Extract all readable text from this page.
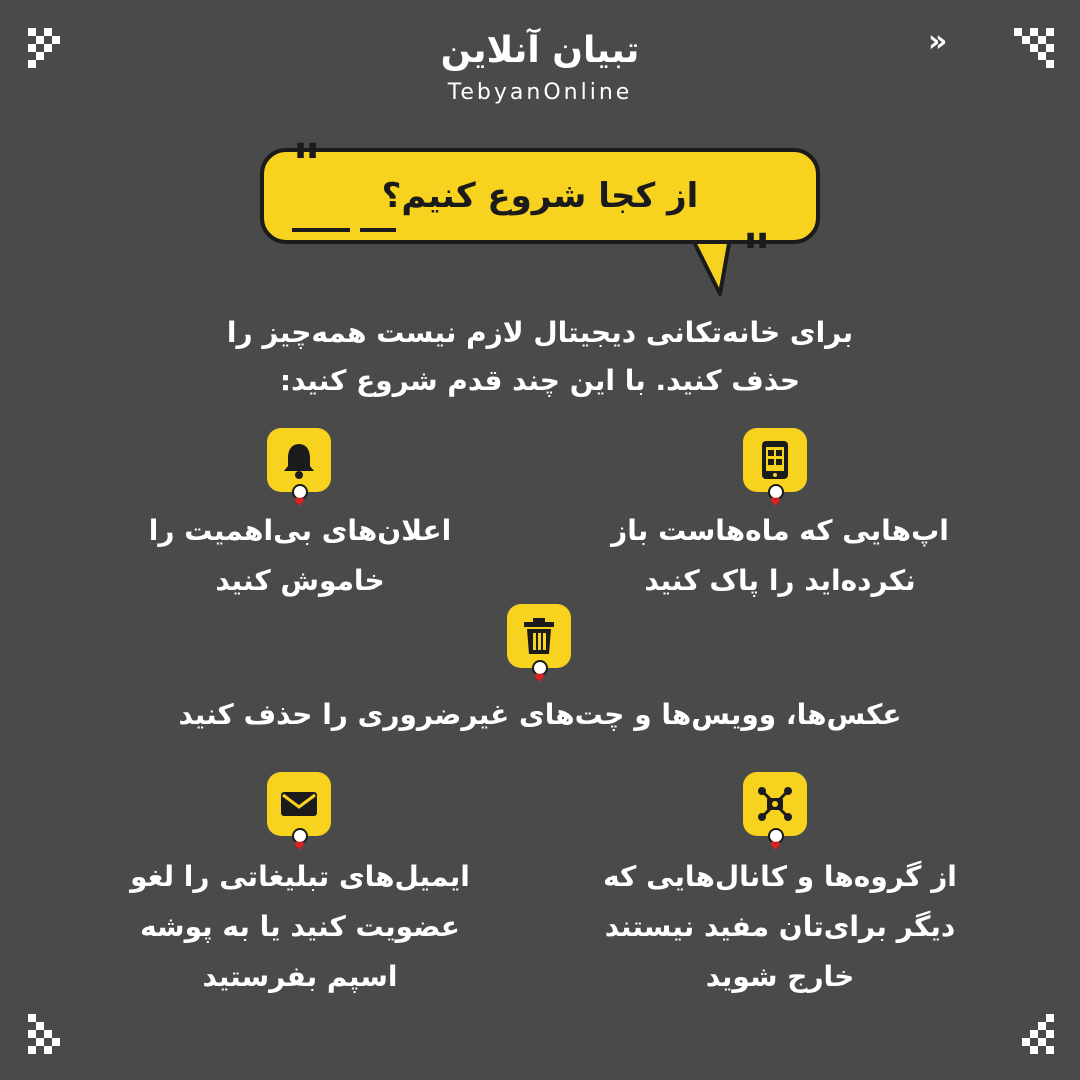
تبیان آنلاین
TebyanOnline
»
از کجا شروع کنیم؟
"
"
برای خانه‌تکانی دیجیتال لازم نیست همه‌چیز را
حذف کنید. با این چند قدم شروع کنید:
♥
اپ‌هایی که ماه‌هاست باز
نکرده‌اید را پاک کنید
♥
اعلان‌های بی‌اهمیت را
خاموش کنید
♥
عکس‌ها، وویس‌ها و چت‌های غیرضروری را حذف کنید
♥
از گروه‌ها و کانال‌هایی که
دیگر برای‌تان مفید نیستند
خارج شوید
♥
ایمیل‌های تبلیغاتی را لغو
عضویت کنید یا به پوشه
اسپم بفرستید
